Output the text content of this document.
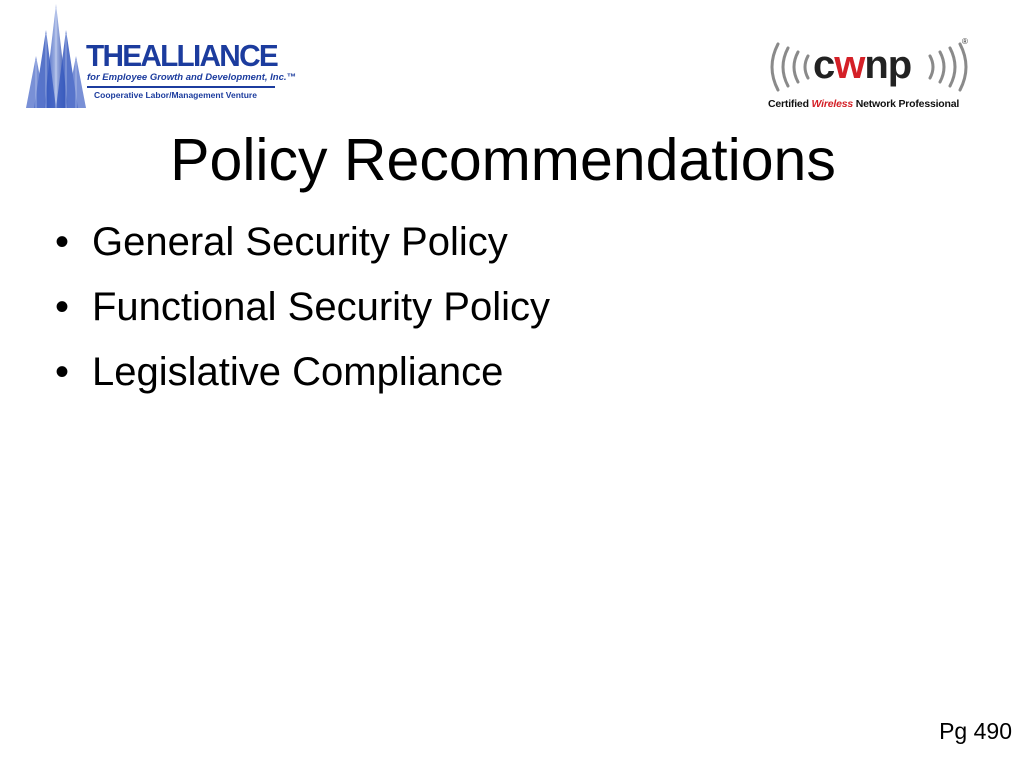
THEALLIANCE
for Employee Growth and Development, Inc.™
Cooperative Labor/Management Venture
cwnp
®
Certified Wireless Network Professional
Policy Recommendations
• General Security Policy
• Functional Security Policy
• Legislative Compliance
Pg 490
